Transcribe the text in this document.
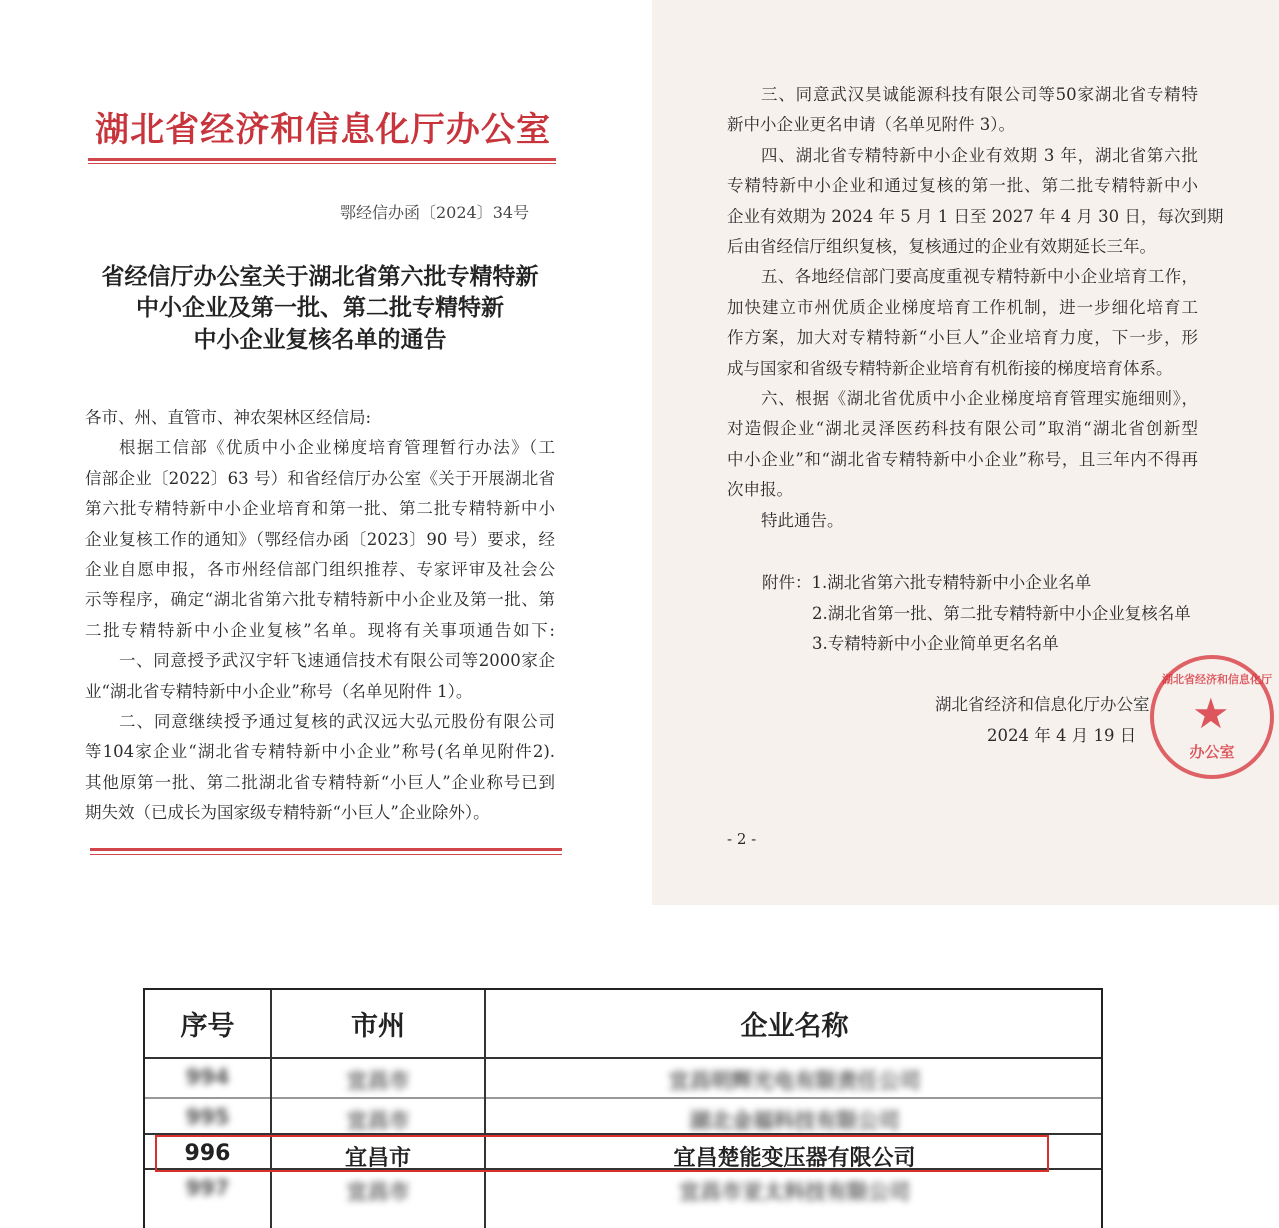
湖北省经济和信息化厅办公室
鄂经信办函〔2024〕34号
省经信厅办公室关于湖北省第六批专精特新
中小企业及第一批、第二批专精特新
中小企业复核名单的通告
各市、州、直管市、神农架林区经信局:
根据工信部《优质中小企业梯度培育管理暂行办法》（工
信部企业〔2022〕63 号）和省经信厅办公室《关于开展湖北省
第六批专精特新中小企业培育和第一批、第二批专精特新中小
企业复核工作的通知》（鄂经信办函〔2023〕90 号）要求，经
企业自愿申报，各市州经信部门组织推荐、专家评审及社会公
示等程序，确定“湖北省第六批专精特新中小企业及第一批、第
二批专精特新中小企业复核”名单。现将有关事项通告如下:
一、同意授予武汉宇轩飞速通信技术有限公司等2000家企
业“湖北省专精特新中小企业”称号（名单见附件 1）。
二、同意继续授予通过复核的武汉远大弘元股份有限公司
等104家企业“湖北省专精特新中小企业”称号(名单见附件2).
其他原第一批、第二批湖北省专精特新“小巨人”企业称号已到
期失效（已成长为国家级专精特新“小巨人”企业除外）。
三、同意武汉昊诚能源科技有限公司等50家湖北省专精特
新中小企业更名申请（名单见附件 3）。
四、湖北省专精特新中小企业有效期 3 年，湖北省第六批
专精特新中小企业和通过复核的第一批、第二批专精特新中小
企业有效期为 2024 年 5 月 1 日至 2027 年 4 月 30 日，每次到期
后由省经信厅组织复核，复核通过的企业有效期延长三年。
五、各地经信部门要高度重视专精特新中小企业培育工作，
加快建立市州优质企业梯度培育工作机制，进一步细化培育工
作方案，加大对专精特新“小巨人”企业培育力度，下一步，形
成与国家和省级专精特新企业培育有机衔接的梯度培育体系。
六、根据《湖北省优质中小企业梯度培育管理实施细则》，
对造假企业“湖北灵泽医药科技有限公司”取消“湖北省创新型
中小企业”和“湖北省专精特新中小企业”称号，且三年内不得再
次申报。
特此通告。
附件：1.湖北省第六批专精特新中小企业名单
2.湖北省第一批、第二批专精特新中小企业复核名单
3.专精特新中小企业简单更名名单
湖北省经济和信息化厅办公室
2024 年 4 月 19 日
湖北省经济和信息化厅
★
办公室
- 2 -
序号	市州	企业名称
994	宜昌市	宜昌明辉光电有限责任公司
995	宜昌市	湖北金福科技有限公司
996	宜昌市	宜昌楚能变压器有限公司
997	宜昌市	宜昌市亚太科技有限公司
